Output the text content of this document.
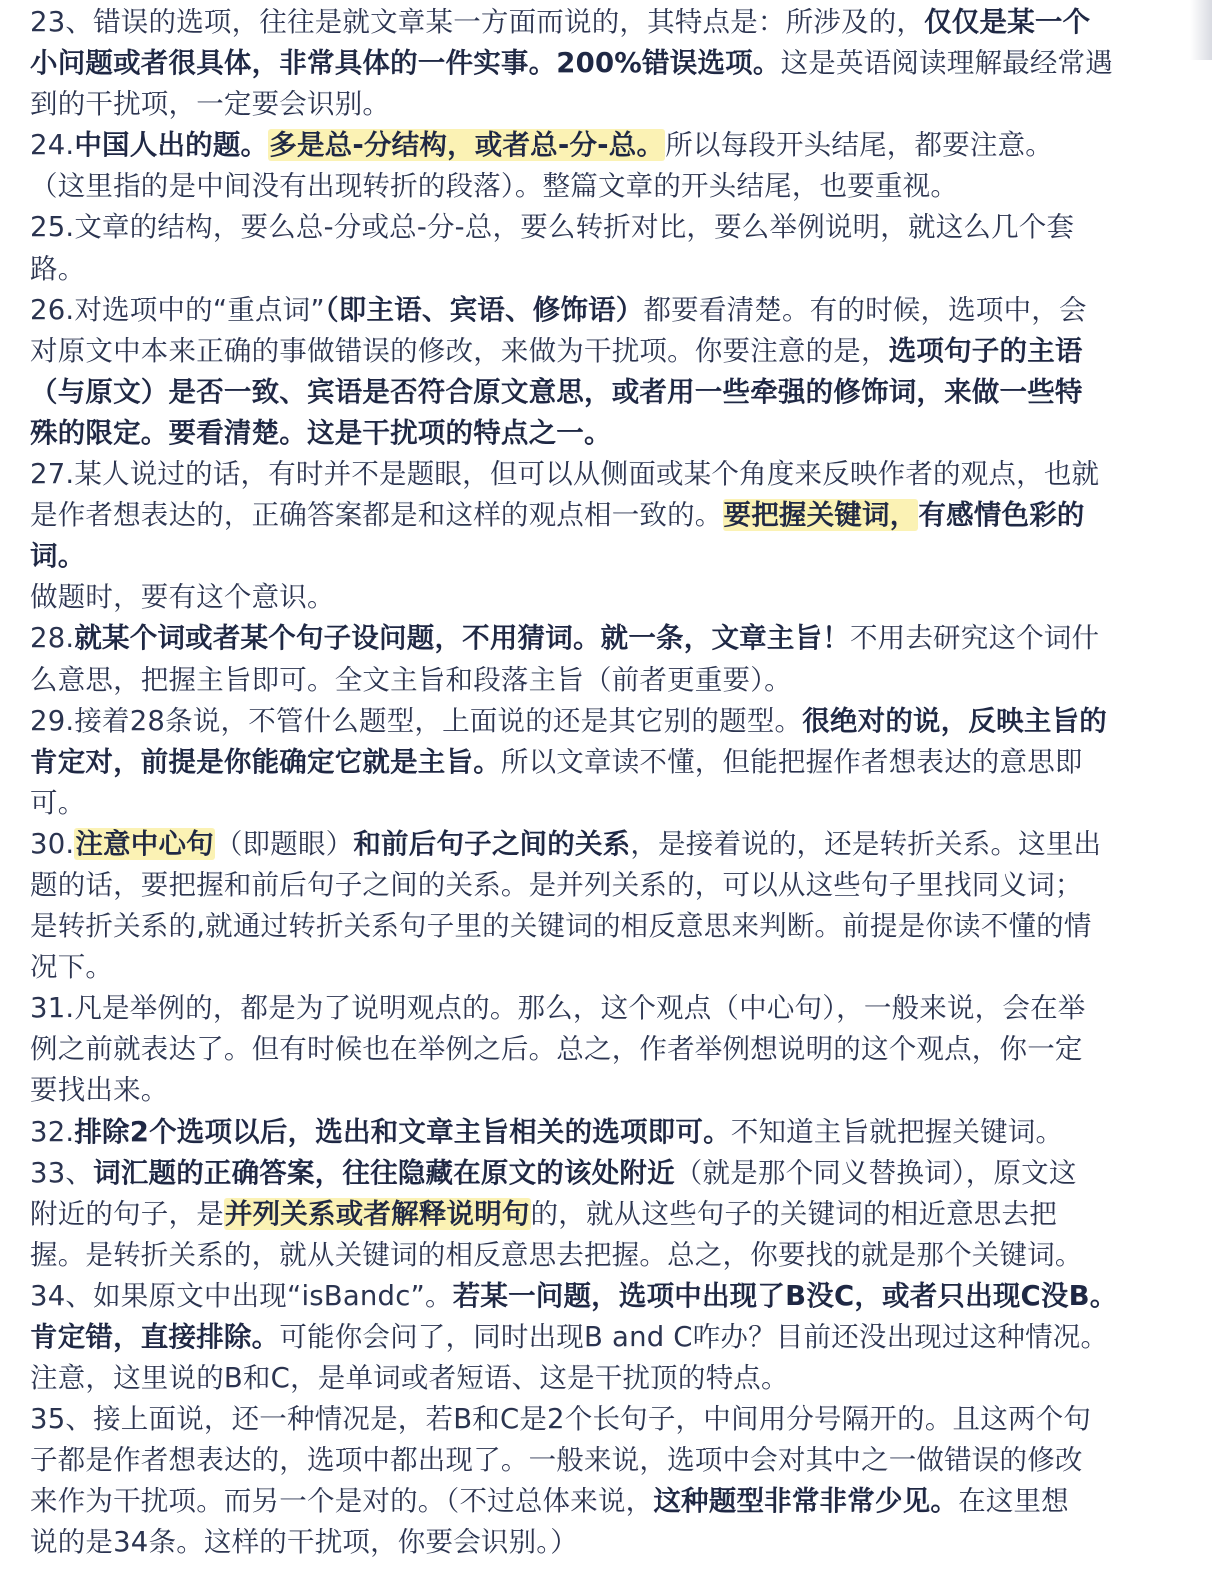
23、错误的选项，往往是就文章某一方面而说的，其特点是：所涉及的，仅仅是某一个
小问题或者很具体，非常具体的一件实事。200%错误选项。这是英语阅读理解最经常遇
到的干扰项，一定要会识别。
24.中国人出的题。多是总-分结构，或者总-分-总。所以每段开头结尾，都要注意。
（这里指的是中间没有出现转折的段落）。整篇文章的开头结尾，也要重视。
25.文章的结构，要么总-分或总-分-总，要么转折对比，要么举例说明，就这么几个套
路。
26.对选项中的“重点词”（即主语、宾语、修饰语）都要看清楚。有的时候，选项中，会
对原文中本来正确的事做错误的修改，来做为干扰项。你要注意的是，选项句子的主语
（与原文）是否一致、宾语是否符合原文意思，或者用一些牵强的修饰词，来做一些特
殊的限定。要看清楚。这是干扰项的特点之一。
27.某人说过的话，有时并不是题眼，但可以从侧面或某个角度来反映作者的观点，也就
是作者想表达的，正确答案都是和这样的观点相一致的。要把握关键词，有感情色彩的
词。
做题时，要有这个意识。
28.就某个词或者某个句子设问题，不用猜词。就一条，文章主旨！不用去研究这个词什
么意思，把握主旨即可。全文主旨和段落主旨（前者更重要）。
29.接着28条说，不管什么题型，上面说的还是其它别的题型。很绝对的说，反映主旨的
肯定对，前提是你能确定它就是主旨。所以文章读不懂，但能把握作者想表达的意思即
可。
30.注意中心句（即题眼）和前后句子之间的关系，是接着说的，还是转折关系。这里出
题的话，要把握和前后句子之间的关系。是并列关系的，可以从这些句子里找同义词；
是转折关系的,就通过转折关系句子里的关键词的相反意思来判断。前提是你读不懂的情
况下。
31.凡是举例的，都是为了说明观点的。那么，这个观点（中心句），一般来说，会在举
例之前就表达了。但有时候也在举例之后。总之，作者举例想说明的这个观点，你一定
要找出来。
32.排除2个选项以后，选出和文章主旨相关的选项即可。不知道主旨就把握关键词。
33、词汇题的正确答案，往往隐藏在原文的该处附近（就是那个同义替换词），原文这
附近的句子，是并列关系或者解释说明句的，就从这些句子的关键词的相近意思去把
握。是转折关系的，就从关键词的相反意思去把握。总之，你要找的就是那个关键词。
34、如果原文中出现“isBandc”。若某一问题，选项中出现了B没C，或者只出现C没B。
肯定错，直接排除。可能你会问了，同时出现B and C咋办？目前还没出现过这种情况。
注意，这里说的B和C，是单词或者短语、这是干扰顶的特点。
35、接上面说，还一种情况是，若B和C是2个长句子，中间用分号隔开的。且这两个句
子都是作者想表达的，选项中都出现了。一般来说，选项中会对其中之一做错误的修改
来作为干扰项。而另一个是对的。（不过总体来说，这种题型非常非常少见。在这里想
说的是34条。这样的干扰项，你要会识别。）
